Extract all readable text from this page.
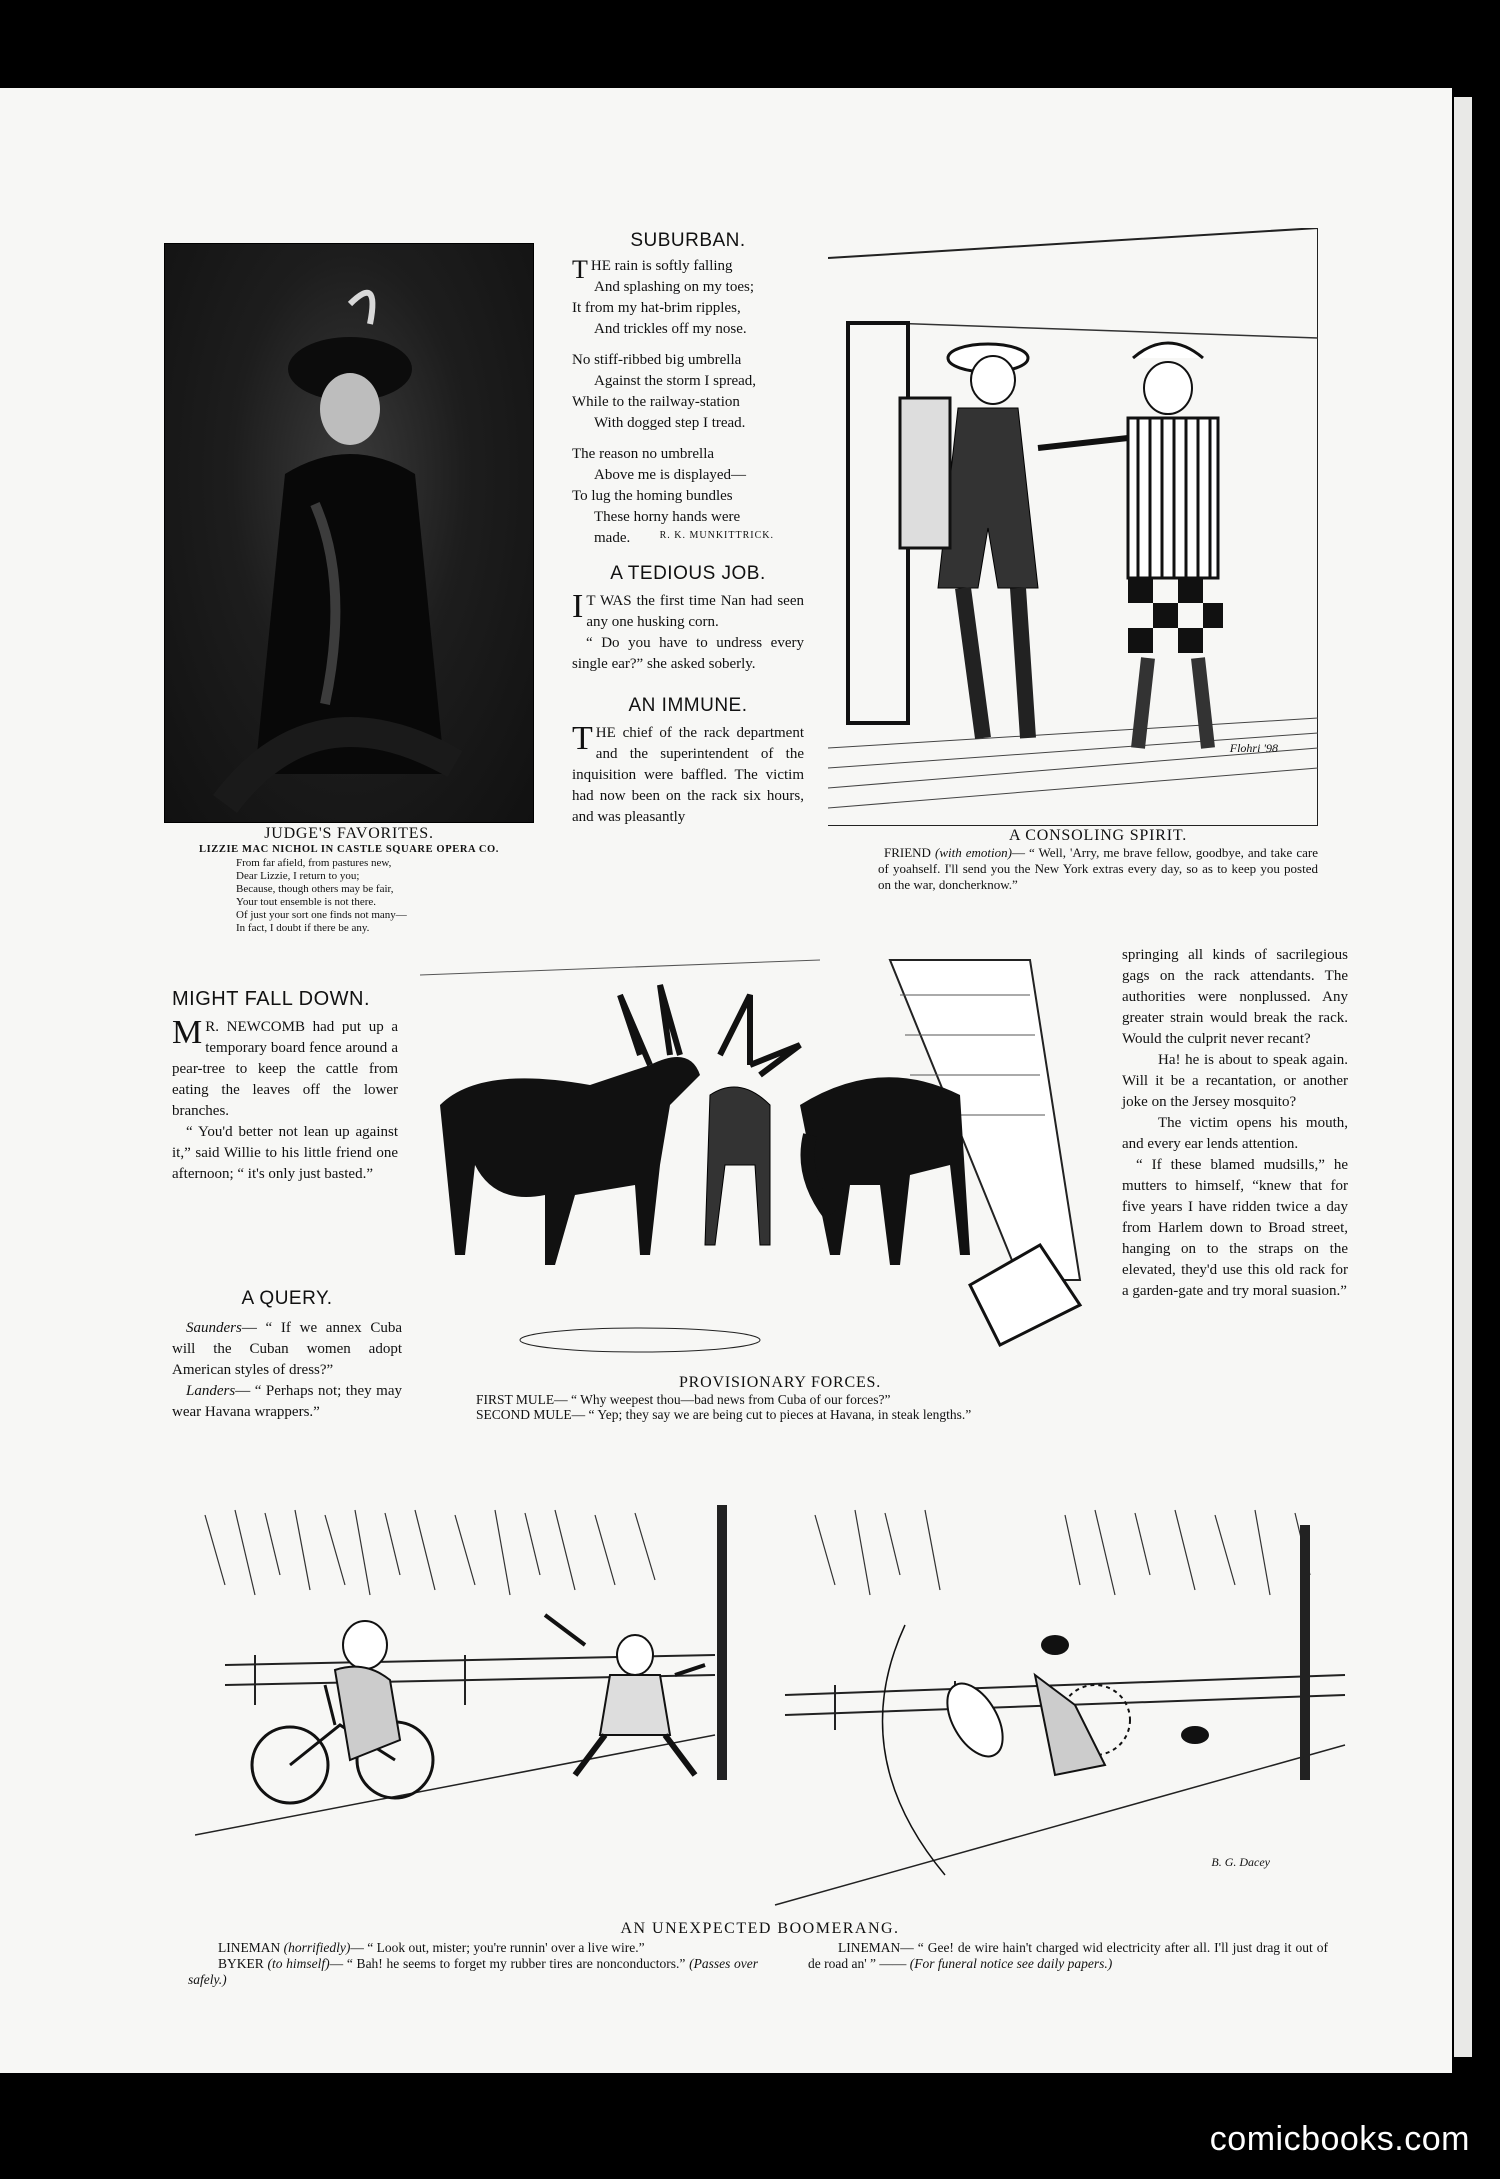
JUDGE'S FAVORITES.
LIZZIE MAC NICHOL IN CASTLE SQUARE OPERA CO.
From far afield, from pastures new,
Dear Lizzie, I return to you;
Because, though others may be fair,
Your tout ensemble is not there.
Of just your sort one finds not many—
In fact, I doubt if there be any.
SUBURBAN.

THE rain is softly falling

And splashing on my toes;

It from my hat-brim ripples,

And trickles off my nose.

No stiff-ribbed big umbrella

Against the storm I spread,

While to the railway-station

With dogged step I tread.

The reason no umbrella

Above me is displayed—

To lug the homing bundles

These horny hands were

made.	R. K. MUNKITTRICK.
A TEDIOUS JOB.

I T WAS the first time Nan had seen any one husking corn.

“ Do you have to undress every single ear?” she asked soberly.

AN IMMUNE.

THE chief of the rack department and the superintendent of the inquisition were baffled. The victim had now been on the rack six hours, and was pleasantly

Flohri '98
A CONSOLING SPIRIT.
FRIEND (with emotion)— “ Well, 'Arry, me brave fellow, goodbye, and take care of yoahself. I'll send you the New York extras every day, so as to keep you posted on the war, doncherknow.”
MIGHT FALL DOWN.

M R. NEWCOMB had put up a temporary board fence around a pear-tree to keep the cattle from eating the leaves off the lower branches.

“ You'd better not lean up against it,” said Willie to his little friend one afternoon; “ it's only just basted.”

A QUERY.

Saunders— “ If we annex Cuba will the Cuban women adopt American styles of dress?”

Landers— “ Perhaps not; they may wear Havana wrappers.”

PROVISIONARY FORCES.
FIRST MULE— “ Why weepest thou—bad news from Cuba of our forces?”
SECOND MULE— “ Yep; they say we are being cut to pieces at Havana, in steak lengths.”

springing all kinds of sacrilegious gags on the rack attendants. The authorities were nonplussed. Any greater strain would break the rack. Would the culprit never recant?

Ha! he is about to speak again. Will it be a recantation, or another joke on the Jersey mosquito?

The victim opens his mouth, and every ear lends attention.

“ If these blamed mudsills,” he mutters to himself, “knew that for five years I have ridden twice a day from Harlem down to Broad street, hanging on to the straps on the elevated, they'd use this old rack for a garden-gate and try moral suasion.”

B. G. Dacey
AN UNEXPECTED BOOMERANG.
LINEMAN (horrifiedly)— “ Look out, mister; you're runnin' over a live wire.”
BYKER (to himself)— “ Bah! he seems to forget my rubber tires are nonconductors.” (Passes over safely.)
LINEMAN— “ Gee! de wire hain't charged wid electricity after all. I'll just drag it out of de road an' ” —— (For funeral notice see daily papers.)
comicbooks.com
